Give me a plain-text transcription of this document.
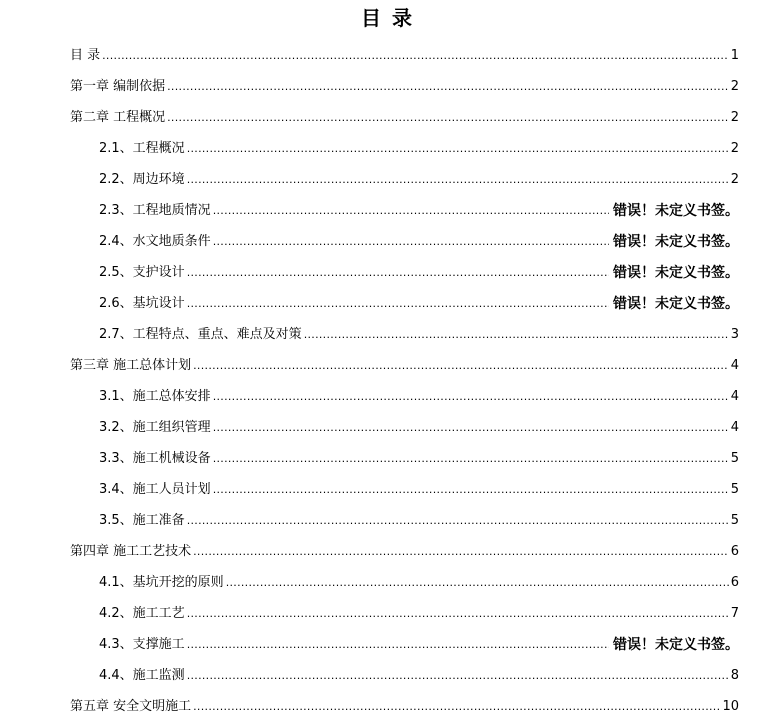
目 录
目 录 . . .	1
第一章 编制依据 . . .	2
第二章 工程概况 . . .	2
2.1、工程概况 . . .	2
2.2、周边环境 . . .	2
2.3、工程地质情况 . . .	错误！未定义书签。
2.4、水文地质条件 . . .	错误！未定义书签。
2.5、支护设计 . . .	错误！未定义书签。
2.6、基坑设计 . . .	错误！未定义书签。
2.7、工程特点、重点、难点及对策 . . .	3
第三章 施工总体计划 . . .	4
3.1、施工总体安排 . . .	4
3.2、施工组织管理 . . .	4
3.3、施工机械设备 . . .	5
3.4、施工人员计划 . . .	5
3.5、施工准备 . . .	5
第四章 施工工艺技术 . . .	6
4.1、基坑开挖的原则 . . .	6
4.2、施工工艺 . . .	7
4.3、支撑施工 . . .	错误！未定义书签。
4.4、施工监测 . . .	8
第五章 安全文明施工 . . .	10
